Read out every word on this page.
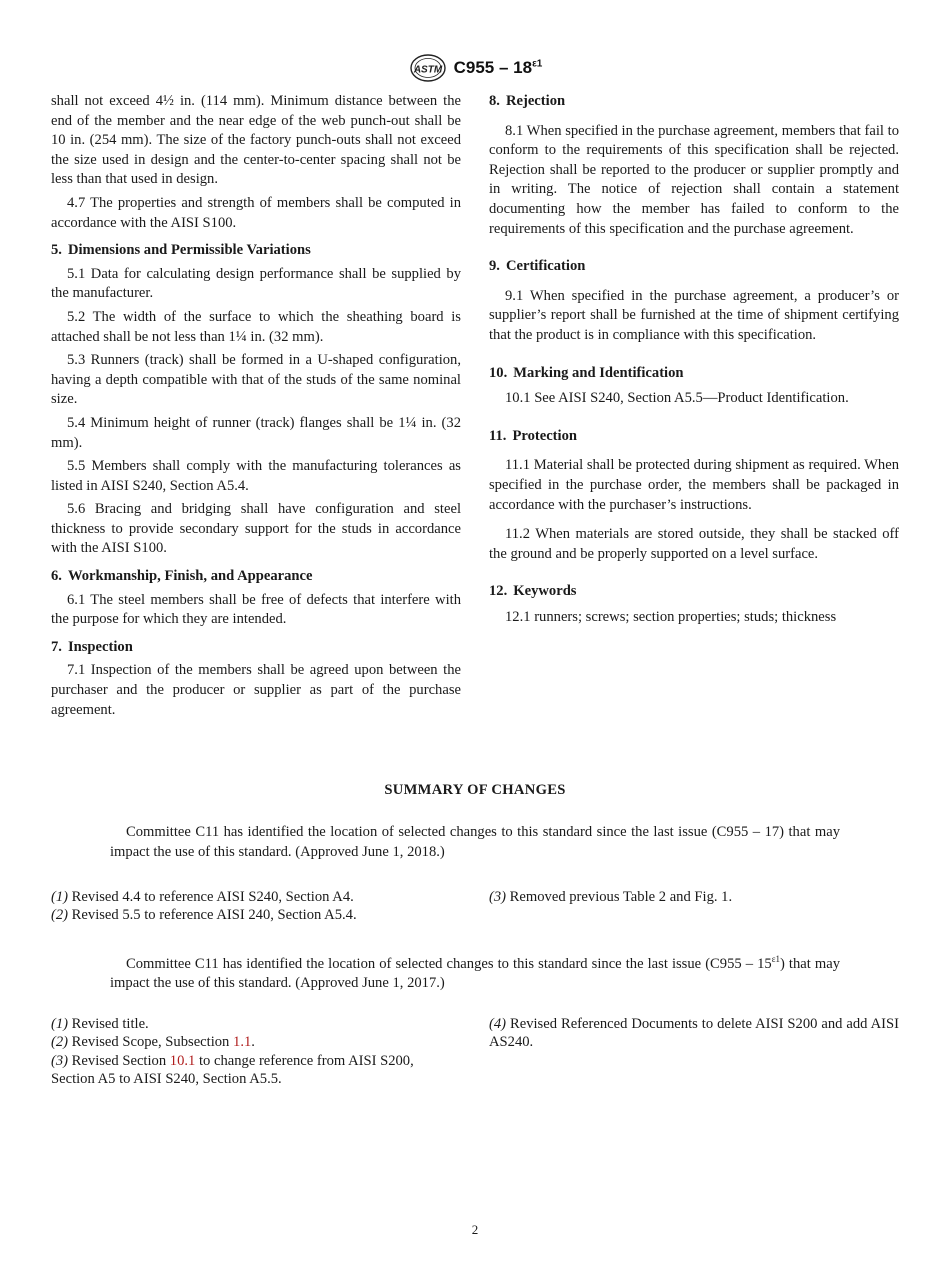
ASTM $C955 - 18^{\varepsilon 1}$

shall not exceed 4½ in. (114 mm). Minimum distance between the end of the member and the near edge of the web punch-out shall be 10 in. (254 mm). The size of the factory punch-outs shall not exceed the size used in design and the center-to-center spacing shall not be less than that used in design.

4.7 The properties and strength of members shall be computed in accordance with the AISI S100.

5. Dimensions and Permissible Variations

5.1 Data for calculating design performance shall be supplied by the manufacturer.

5.2 The width of the surface to which the sheathing board is attached shall be not less than 1¼ in. (32 mm).

5.3 Runners (track) shall be formed in a U-shaped configuration, having a depth compatible with that of the studs of the same nominal size.

5.4 Minimum height of runner (track) flanges shall be 1¼ in. (32 mm).

5.5 Members shall comply with the manufacturing tolerances as listed in AISI S240, Section A5.4.

5.6 Bracing and bridging shall have configuration and steel thickness to provide secondary support for the studs in accordance with the AISI S100.

6. Workmanship, Finish, and Appearance

6.1 The steel members shall be free of defects that interfere with the purpose for which they are intended.

7. Inspection

7.1 Inspection of the members shall be agreed upon between the purchaser and the producer or supplier as part of the purchase agreement.

8. Rejection

8.1 When specified in the purchase agreement, members that fail to conform to the requirements of this specification shall be rejected. Rejection shall be reported to the producer or supplier promptly and in writing. The notice of rejection shall contain a statement documenting how the member has failed to conform to the requirements of this specification and the purchase agreement.

9. Certification

9.1 When specified in the purchase agreement, a producer’s or supplier’s report shall be furnished at the time of shipment certifying that the product is in compliance with this specification.

10. Marking and Identification

10.1 See AISI S240, Section A5.5—Product Identification.

11. Protection

11.1 Material shall be protected during shipment as required. When specified in the purchase order, the members shall be packaged in accordance with the purchaser’s instructions.

11.2 When materials are stored outside, they shall be stacked off the ground and be properly supported on a level surface.

12. Keywords

12.1 runners; screws; section properties; studs; thickness

SUMMARY OF CHANGES

Committee C11 has identified the location of selected changes to this standard since the last issue (C955 – 17) that may impact the use of this standard. (Approved June 1, 2018.)

(1) Revised 4.4 to reference AISI S240, Section A4.
(2) Revised 5.5 to reference AISI 240, Section A5.4.
(3) Removed previous Table 2 and Fig. 1.

Committee C11 has identified the location of selected changes to this standard since the last issue $(C955 - 15^{\varepsilon 1})$ that may impact the use of this standard. (Approved June 1, 2017.)

(1) Revised title.
(2) Revised Scope, Subsection 1.1.
(3) Revised Section 10.1 to change reference from AISI S200, Section A5 to AISI S240, Section A5.5.
(4) Revised Referenced Documents to delete AISI S200 and add AISI AS240.
2
